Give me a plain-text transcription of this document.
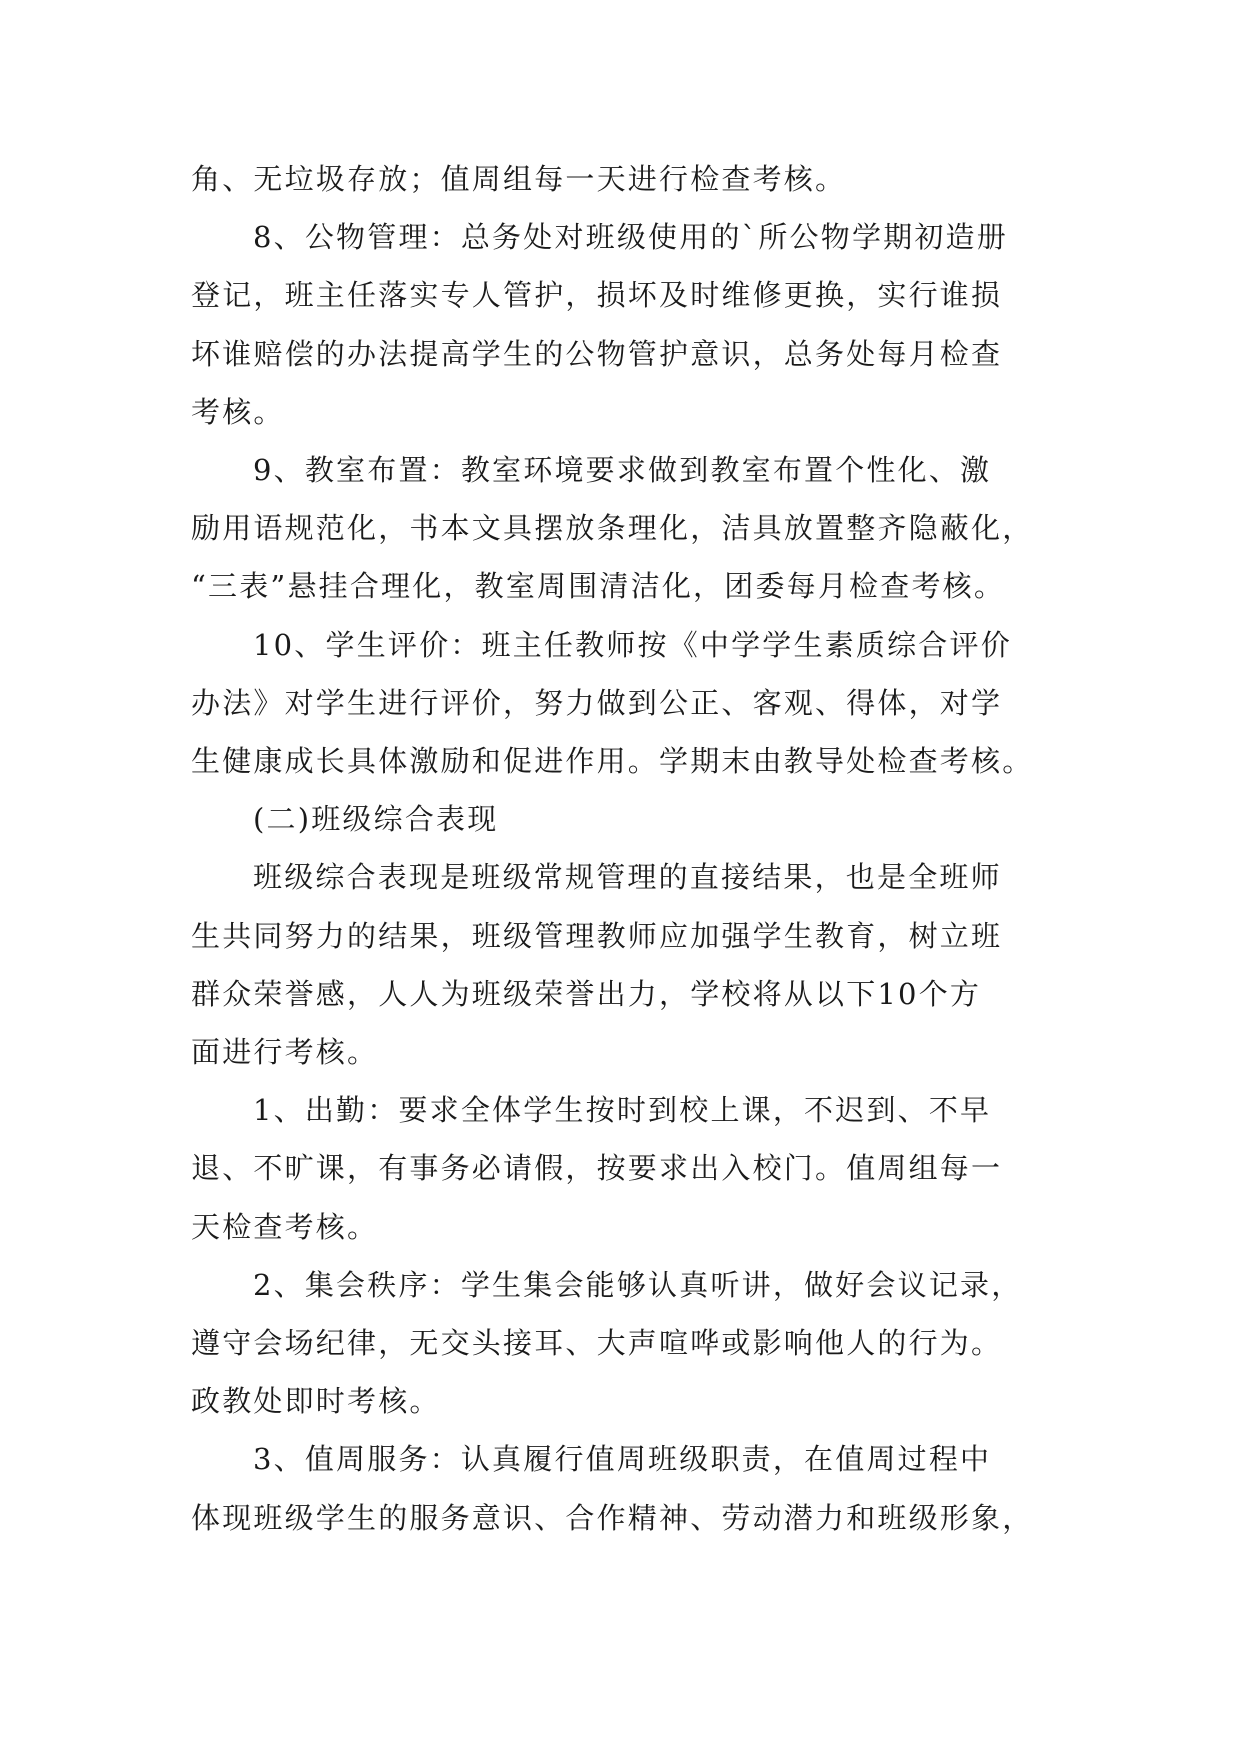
角、无垃圾存放；值周组每一天进行检查考核。

8、公物管理：总务处对班级使用的`所公物学期初造册
登记，班主任落实专人管护，损坏及时维修更换，实行谁损
坏谁赔偿的办法提高学生的公物管护意识，总务处每月检查
考核。

9、教室布置：教室环境要求做到教室布置个性化、激
励用语规范化，书本文具摆放条理化，洁具放置整齐隐蔽化，
“三表”悬挂合理化，教室周围清洁化，团委每月检查考核。

10、学生评价：班主任教师按《中学学生素质综合评价
办法》对学生进行评价，努力做到公正、客观、得体，对学
生健康成长具体激励和促进作用。学期末由教导处检查考核。

(二)班级综合表现

班级综合表现是班级常规管理的直接结果，也是全班师
生共同努力的结果，班级管理教师应加强学生教育，树立班
群众荣誉感，人人为班级荣誉出力，学校将从以下10个方
面进行考核。

1、出勤：要求全体学生按时到校上课，不迟到、不早
退、不旷课，有事务必请假，按要求出入校门。值周组每一
天检查考核。

2、集会秩序：学生集会能够认真听讲，做好会议记录，
遵守会场纪律，无交头接耳、大声喧哗或影响他人的行为。
政教处即时考核。

3、值周服务：认真履行值周班级职责，在值周过程中
体现班级学生的服务意识、合作精神、劳动潜力和班级形象，
